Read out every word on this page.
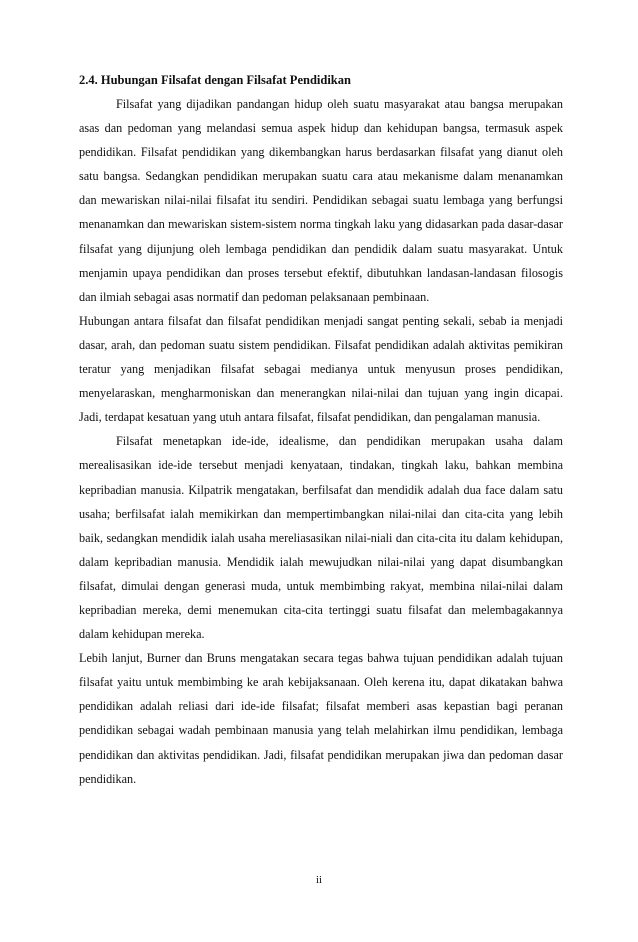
2.4. Hubungan Filsafat dengan Filsafat Pendidikan

Filsafat yang dijadikan pandangan hidup oleh suatu masyarakat atau bangsa merupakan asas dan pedoman yang melandasi semua aspek hidup dan kehidupan bangsa, termasuk aspek pendidikan. Filsafat pendidikan yang dikembangkan harus berdasarkan filsafat yang dianut oleh satu bangsa. Sedangkan pendidikan merupakan suatu cara atau mekanisme dalam menanamkan dan mewariskan nilai-nilai filsafat itu sendiri. Pendidikan sebagai suatu lembaga yang berfungsi menanamkan dan mewariskan sistem-sistem norma tingkah laku yang didasarkan pada dasar-dasar filsafat yang dijunjung oleh lembaga pendidikan dan pendidik dalam suatu masyarakat. Untuk menjamin upaya pendidikan dan proses tersebut efektif, dibutuhkan landasan-landasan filosogis dan ilmiah sebagai asas normatif dan pedoman pelaksanaan pembinaan.

Hubungan antara filsafat dan filsafat pendidikan menjadi sangat penting sekali, sebab ia menjadi dasar, arah, dan pedoman suatu sistem pendidikan. Filsafat pendidikan adalah aktivitas pemikiran teratur yang menjadikan filsafat sebagai medianya untuk menyusun proses pendidikan, menyelaraskan, mengharmoniskan dan menerangkan nilai-nilai dan tujuan yang ingin dicapai. Jadi, terdapat kesatuan yang utuh antara filsafat, filsafat pendidikan, dan pengalaman manusia.

Filsafat menetapkan ide-ide, idealisme, dan pendidikan merupakan usaha dalam merealisasikan ide-ide tersebut menjadi kenyataan, tindakan, tingkah laku, bahkan membina kepribadian manusia. Kilpatrik mengatakan, berfilsafat dan mendidik adalah dua face dalam satu usaha; berfilsafat ialah memikirkan dan mempertimbangkan nilai-nilai dan cita-cita yang lebih baik, sedangkan mendidik ialah usaha mereliasasikan nilai-niali dan cita-cita itu dalam kehidupan, dalam kepribadian manusia. Mendidik ialah mewujudkan nilai-nilai yang dapat disumbangkan filsafat, dimulai dengan generasi muda, untuk membimbing rakyat, membina nilai-nilai dalam kepribadian mereka, demi menemukan cita-cita tertinggi suatu filsafat dan melembagakannya dalam kehidupan mereka.

Lebih lanjut, Burner dan Bruns mengatakan secara tegas bahwa tujuan pendidikan adalah tujuan filsafat yaitu untuk membimbing ke arah kebijaksanaan. Oleh kerena itu, dapat dikatakan bahwa pendidikan adalah reliasi dari ide-ide filsafat; filsafat memberi asas kepastian bagi peranan pendidikan sebagai wadah pembinaan manusia yang telah melahirkan ilmu pendidikan, lembaga pendidikan dan aktivitas pendidikan. Jadi, filsafat pendidikan merupakan jiwa dan pedoman dasar pendidikan.

ii
